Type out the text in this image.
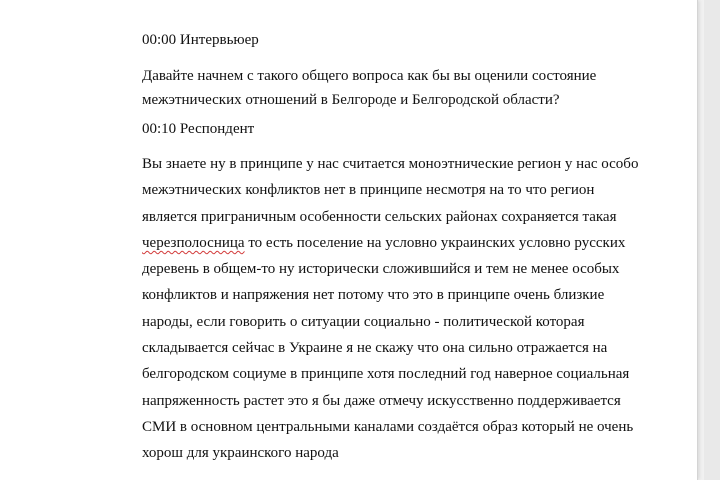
00:00 Интервьюер
Давайте начнем с такого общего вопроса как бы вы оценили состояние
межэтнических отношений в Белгороде и Белгородской области?
00:10 Респондент
Вы знаете ну в принципе у нас считается моноэтнические регион у нас особо
межэтнических конфликтов нет в принципе несмотря на то что регион
является приграничным особенности сельских районах сохраняется такая
черезполосница то есть поселение на условно украинских условно русских
деревень в общем-то ну исторически сложившийся и тем не менее особых
конфликтов и напряжения нет потому что это в принципе очень близкие
народы, если говорить о ситуации социально - политической которая
складывается сейчас в Украине я не скажу что она сильно отражается на
белгородском социуме в принципе хотя последний год наверное социальная
напряженность растет это я бы даже отмечу искусственно поддерживается
СМИ в основном центральными каналами создаётся образ который не очень
хорош для украинского народа
